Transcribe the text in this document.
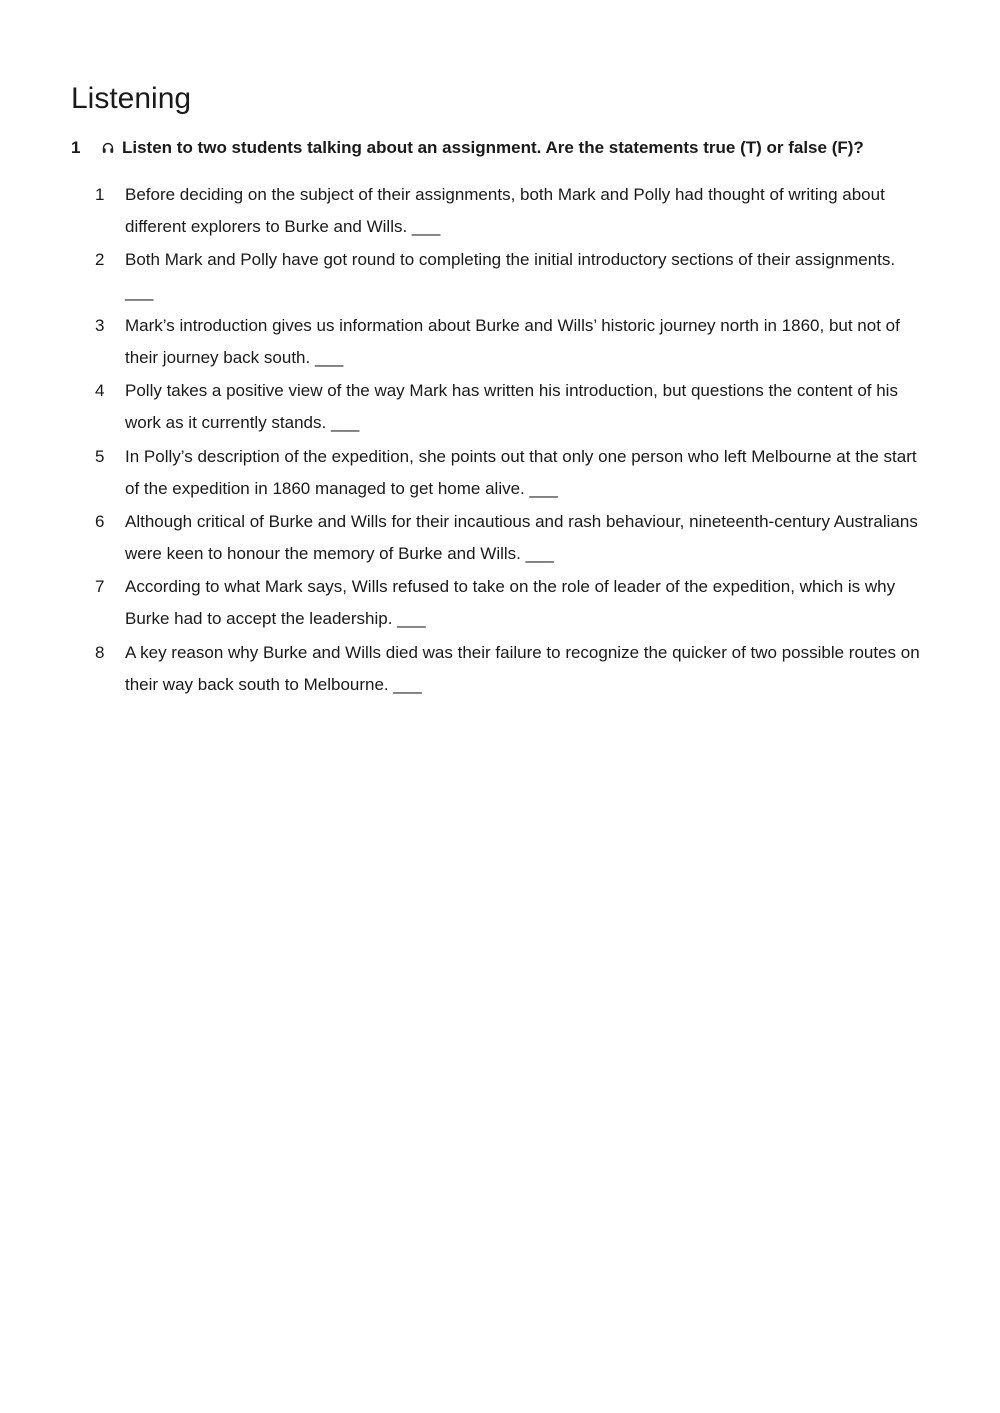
Listening
1	Listen to two students talking about an assignment. Are the statements true (T) or false (F)?
1 Before deciding on the subject of their assignments, both Mark and Polly had thought of writing about different explorers to Burke and Wills. ___
2 Both Mark and Polly have got round to completing the initial introductory sections of their assignments. ___
3 Mark’s introduction gives us information about Burke and Wills’ historic journey north in 1860, but not of their journey back south. ___
4 Polly takes a positive view of the way Mark has written his introduction, but questions the content of his work as it currently stands. ___
5 In Polly’s description of the expedition, she points out that only one person who left Melbourne at the start of the expedition in 1860 managed to get home alive. ___
6 Although critical of Burke and Wills for their incautious and rash behaviour, nineteenth-century Australians were keen to honour the memory of Burke and Wills. ___
7 According to what Mark says, Wills refused to take on the role of leader of the expedition, which is why Burke had to accept the leadership. ___
8 A key reason why Burke and Wills died was their failure to recognize the quicker of two possible routes on their way back south to Melbourne. ___
